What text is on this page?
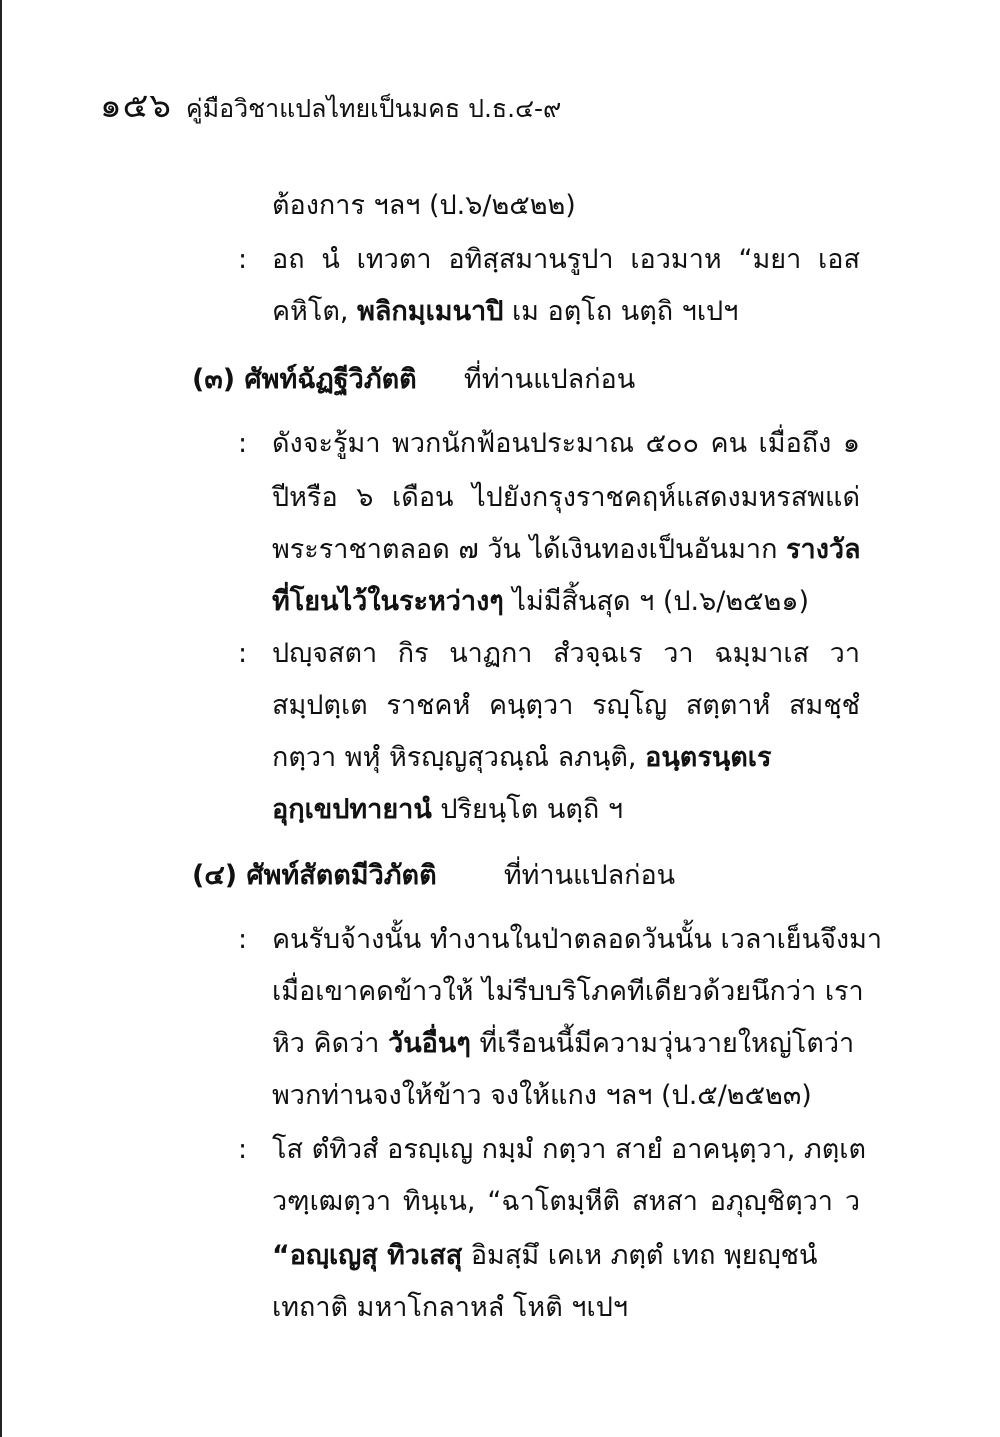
๑๕๖ คู่มือวิชาแปลไทยเป็นมคธ ป.ธ.๔-๙
ต้องการ ฯลฯ (ป.๖/๒๕๒๒)
: อถ นํ เทวตา อทิสฺสมานรูปา เอวมาห “มยา เอส
คหิโต, พลิกมฺเมนาปิ เม อตฺโถ นตฺถิ ฯเปฯ
(๓) ศัพท์ฉัฏฐีวิภัตติ ที่ท่านแปลก่อน
: ดังจะรู้มา พวกนักฟ้อนประมาณ ๕๐๐ คน เมื่อถึง ๑
ปีหรือ ๖ เดือน ไปยังกรุงราชคฤห์แสดงมหรสพแด่
พระราชาตลอด ๗ วัน ได้เงินทองเป็นอันมาก รางวัล
ที่โยนไว้ในระหว่างๆ ไม่มีสิ้นสุด ฯ (ป.๖/๒๕๒๑)
: ปญฺจสตา กิร นาฏกา สํวจฺฉเร วา ฉมฺมาเส วา
สมฺปตฺเต ราชคหํ คนฺตฺวา รญฺโญ สตฺตาหํ สมชฺชํ
กตฺวา พหุํ หิรญฺญสุวณฺณํ ลภนฺติ, อนฺตรนฺตเร
อุกฺเขปทายานํ ปริยนฺโต นตฺถิ ฯ
(๔) ศัพท์สัตตมีวิภัตติ ที่ท่านแปลก่อน
: คนรับจ้างนั้น ทำงานในป่าตลอดวันนั้น เวลาเย็นจึงมา
เมื่อเขาคดข้าวให้ ไม่รีบบริโภคทีเดียวด้วยนึกว่า เรา
หิว คิดว่า วันอื่นๆ ที่เรือนนี้มีความวุ่นวายใหญ่โตว่า
พวกท่านจงให้ข้าว จงให้แกง ฯลฯ (ป.๕/๒๕๒๓)
: โส ตํทิวสํ อรญฺเญ กมฺมํ กตฺวา สายํ อาคนฺตฺวา, ภตฺเต
วฑฺเฒตฺวา ทินฺเน, “ฉาโตมฺหีติ สหสา อภุญฺชิตฺวา ว
“อญฺเญสุ ทิวเสสุ อิมสฺมึ เคเห ภตฺตํ เทถ พฺยญฺชนํ
เทถาติ มหาโกลาหลํ โหติ ฯเปฯ
